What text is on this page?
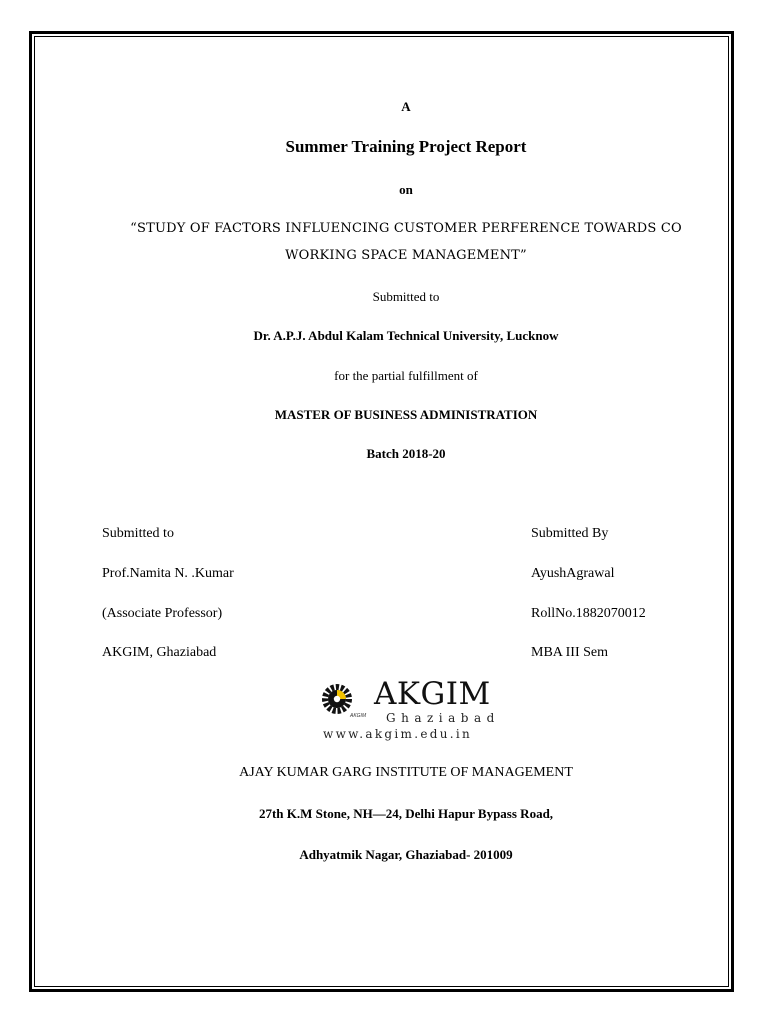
A
Summer Training Project Report
on
“STUDY OF FACTORS INFLUENCING CUSTOMER PERFERENCE TOWARDS CO
WORKING SPACE MANAGEMENT”
Submitted to
Dr. A.P.J. Abdul Kalam Technical University, Lucknow
for the partial fulfillment of
MASTER OF BUSINESS ADMINISTRATION
Batch 2018-20
Submitted to
Prof.Namita N. .Kumar
(Associate Professor)
AKGIM, Ghaziabad
Submitted By
AyushAgrawal
RollNo.1882070012
MBA III Sem
AKGIM
AKGIM Ghaziabad
www.akgim.edu.in
AJAY KUMAR GARG INSTITUTE OF MANAGEMENT
27th K.M Stone, NH—24, Delhi Hapur Bypass Road,
Adhyatmik Nagar, Ghaziabad- 201009
